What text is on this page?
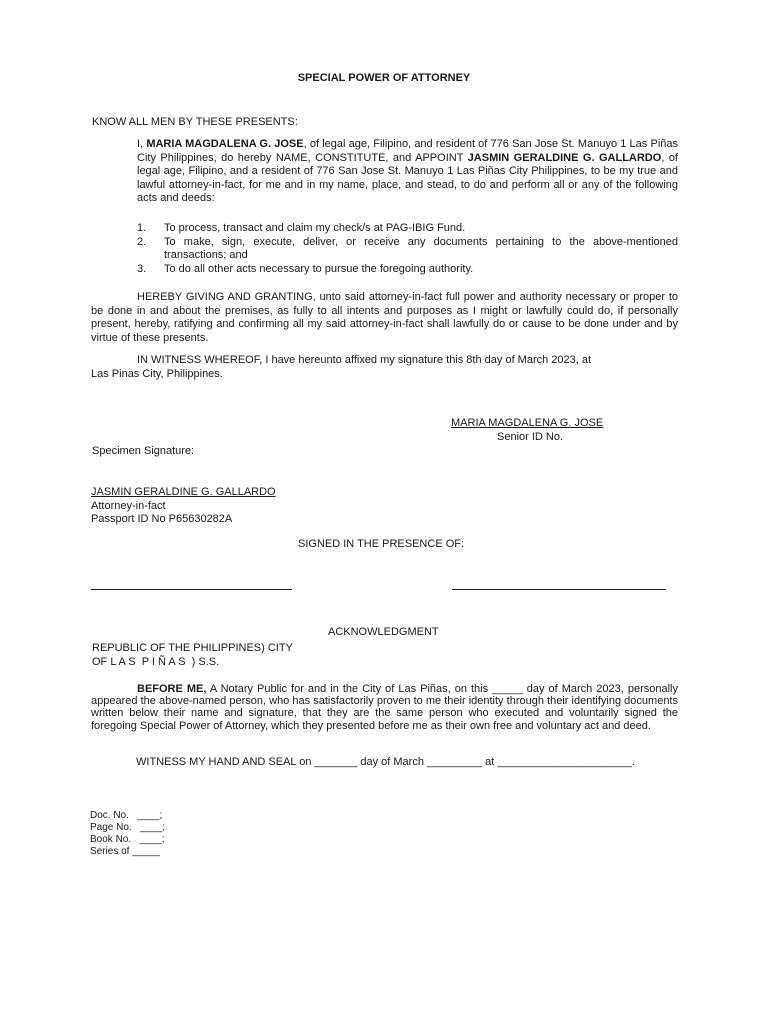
SPECIAL POWER OF ATTORNEY
KNOW ALL MEN BY THESE PRESENTS:
I, MARIA MAGDALENA G. JOSE, of legal age, Filipino, and resident of 776 San Jose St. Manuyo 1 Las Piñas City Philippines, do hereby NAME, CONSTITUTE, and APPOINT JASMIN GERALDINE G. GALLARDO, of legal age, Filipino, and a resident of 776 San Jose St. Manuyo 1 Las Piñas City Philippines, to be my true and lawful attorney-in-fact, for me and in my name, place, and stead, to do and perform all or any of the following acts and deeds:
1. To process, transact and claim my check/s at PAG-IBIG Fund.
2. To make, sign, execute, deliver, or receive any documents pertaining to the above-mentioned transactions; and
3. To do all other acts necessary to pursue the foregoing authority.
HEREBY GIVING AND GRANTING, unto said attorney-in-fact full power and authority necessary or proper to be done in and about the premises, as fully to all intents and purposes as I might or lawfully could do, if personally present, hereby, ratifying and confirming all my said attorney-in-fact shall lawfully do or cause to be done under and by virtue of these presents.
IN WITNESS WHEREOF, I have hereunto affixed my signature this 8th day of March 2023, at
Las Pinas City, Philippines.
MARIA MAGDALENA G. JOSE
Senior ID No.
Specimen Signature:
JASMIN GERALDINE G. GALLARDO
Attorney-in-fact
Passport ID No P65630282A
SIGNED IN THE PRESENCE OF:
ACKNOWLEDGMENT
REPUBLIC OF THE PHILIPPINES) CITY
OF L A S  P I Ñ A S  ) S.S.
BEFORE ME, A Notary Public for and in the City of Las Piñas, on this _____ day of March 2023, personally appeared the above-named person, who has satisfactorily proven to me their identity through their identifying documents written below their name and signature, that they are the same person who executed and voluntarily signed the foregoing Special Power of Attorney, which they presented before me as their own free and voluntary act and deed.
WITNESS MY HAND AND SEAL on _______ day of March _________ at ______________________.
Doc. No.   ____;
Page No.   ____;
Book No.   ____;
Series of _____
